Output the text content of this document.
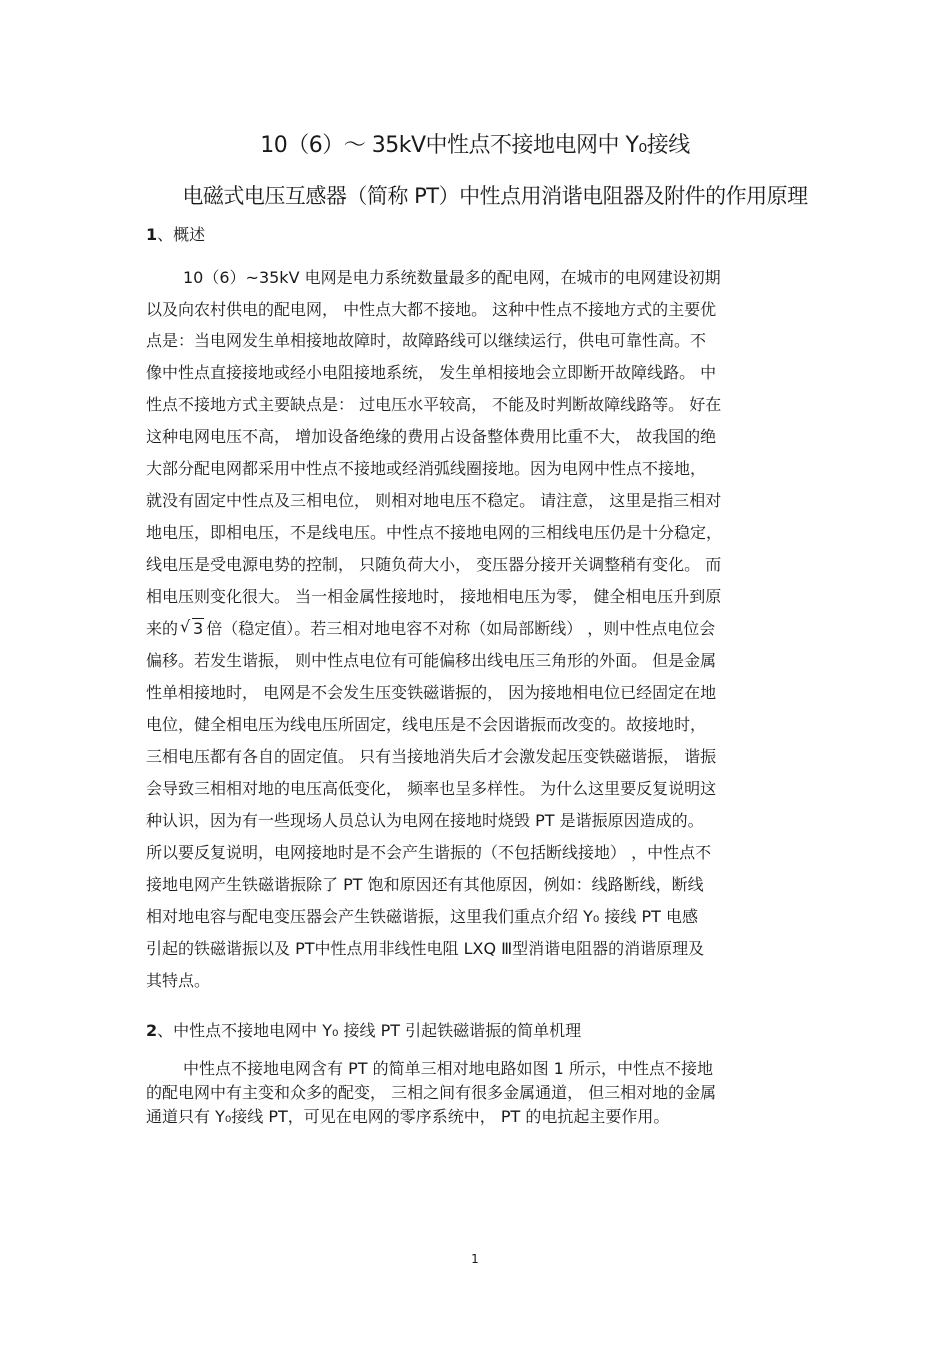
10（6）～ 35kV中性点不接地电网中 Y₀接线
电磁式电压互感器（简称 PT）中性点用消谐电阻器及附件的作用原理
1、概述
10（6）~35kV 电网是电力系统数量最多的配电网，在城市的电网建设初期
以及向农村供电的配电网， 中性点大都不接地。 这种中性点不接地方式的主要优
点是：当电网发生单相接地故障时，故障路线可以继续运行，供电可靠性高。不
像中性点直接接地或经小电阻接地系统， 发生单相接地会立即断开故障线路。 中
性点不接地方式主要缺点是： 过电压水平较高， 不能及时判断故障线路等。 好在
这种电网电压不高， 增加设备绝缘的费用占设备整体费用比重不大， 故我国的绝
大部分配电网都采用中性点不接地或经消弧线圈接地。因为电网中性点不接地，
就没有固定中性点及三相电位， 则相对地电压不稳定。 请注意， 这里是指三相对
地电压，即相电压，不是线电压。中性点不接地电网的三相线电压仍是十分稳定，
线电压是受电源电势的控制， 只随负荷大小， 变压器分接开关调整稍有变化。 而
相电压则变化很大。 当一相金属性接地时， 接地相电压为零， 健全相电压升到原
来的√ 3 倍（稳定值）。若三相对地电容不对称（如局部断线） ，则中性点电位会
偏移。若发生谐振， 则中性点电位有可能偏移出线电压三角形的外面。 但是金属
性单相接地时， 电网是不会发生压变铁磁谐振的， 因为接地相电位已经固定在地
电位，健全相电压为线电压所固定，线电压是不会因谐振而改变的。故接地时，
三相电压都有各自的固定值。 只有当接地消失后才会激发起压变铁磁谐振， 谐振
会导致三相相对地的电压高低变化， 频率也呈多样性。 为什么这里要反复说明这
种认识，因为有一些现场人员总认为电网在接地时烧毁 PT 是谐振原因造成的。
所以要反复说明，电网接地时是不会产生谐振的（不包括断线接地） ，中性点不
接地电网产生铁磁谐振除了 PT 饱和原因还有其他原因，例如：线路断线，断线
相对地电容与配电变压器会产生铁磁谐振，这里我们重点介绍 Y₀ 接线 PT 电感
引起的铁磁谐振以及 PT中性点用非线性电阻 LXQ Ⅲ型消谐电阻器的消谐原理及
其特点。
2、中性点不接地电网中 Y₀ 接线 PT 引起铁磁谐振的简单机理
中性点不接地电网含有 PT 的简单三相对地电路如图 1 所示，中性点不接地
的配电网中有主变和众多的配变， 三相之间有很多金属通道， 但三相对地的金属
通道只有 Y₀接线 PT，可见在电网的零序系统中， PT 的电抗起主要作用。
1
